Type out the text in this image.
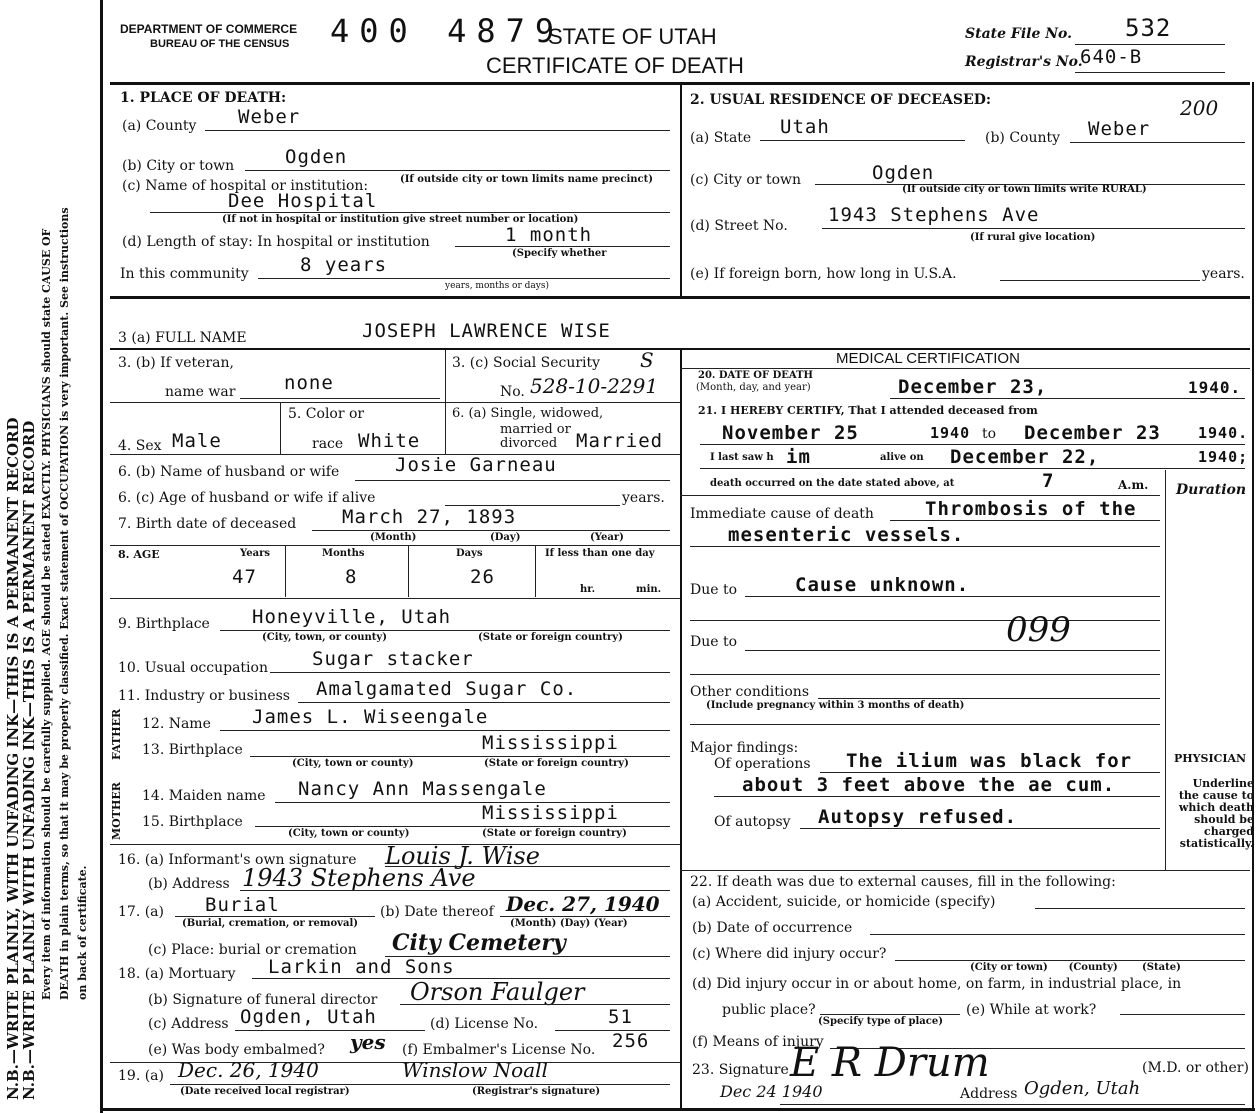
N.B.—WRITE PLAINLY, WITH UNFADING INK—THIS IS A PERMANENT RECORD
N.B.—WRITE PLAINLY WITH UNFADING INK—THIS IS A PERMANENT RECORD Every item of information should be carefully supplied. AGE should be stated EXACTLY. PHYSICIANS should state CAUSE OF DEATH in plain terms, so that it may be properly classified. Exact statement of OCCUPATION is very important. See instructions on back of certificate.
DEPARTMENT OF COMMERCE
BUREAU OF THE CENSUS 400 4879
STATE OF UTAH
CERTIFICATE OF DEATH
State File No. 532
Registrar's No.
640-B
1. PLACE OF DEATH:
(a) County Weber
(b) City or town	Ogden
(c) Name of hospital or institution:	(If outside city or town limits name precinct)
Dee Hospital
(If not in hospital or institution give street number or location)
(d) Length of stay: In hospital or institution	1 month
(Specify whether
In this community	8 years
years, months or days)
2. USUAL RESIDENCE OF DECEASED:	200
(a) State Utah	(b) County Weber
(c) City or town	Ogden
(If outside city or town limits write RURAL)
(d) Street No. 1943 Stephens Ave
(If rural give location)
(e) If foreign born, how long in U.S.A.	years.
3 (a) FULL NAME	JOSEPH LAWRENCE WISE
3. (b) If veteran,
name war	none
3. (c) Social Security S
No. 528-10-2291
4. Sex Male
5. Color or
race White
6. (a) Single, widowed,
married or
divorced Married
6. (b) Name of husband or wife	Josie Garneau
6. (c) Age of husband or wife if alive	years.
7. Birth date of deceased March 27, 1893
(Month)	(Day)	(Year)
8. AGE	Years	Months	Days	If less than one day
47	8	26
hr.	min.
9. Birthplace Honeyville, Utah
(City, town, or county)	(State or foreign country)
10. Usual occupation Sugar stacker
11. Industry or business Amalgamated Sugar Co.
FATHER
MOTHER
12. Name James L. Wiseengale
13. Birthplace	Mississippi
(City, town or county)	(State or foreign country)
14. Maiden name Nancy Ann Massengale
15. Birthplace	Mississippi
(City, town or county)	(State or foreign country)
16. (a) Informant's own signature Louis J. Wise
(b) Address 1943 Stephens Ave
17. (a) Burial
(Burial, cremation, or removal)
(b) Date thereof Dec. 27, 1940
(Month) (Day) (Year)
(c) Place: burial or cremation City Cemetery
18. (a) Mortuary Larkin and Sons
(b) Signature of funeral director Orson Faulger
(c) Address Ogden, Utah	(d) License No.	51
(e) Was body embalmed? yes (f) Embalmer's License No. 256
19. (a) Dec. 26, 1940	Winslow Noall
(Date received local registrar)	(Registrar's signature)
MEDICAL CERTIFICATION
20. DATE OF DEATH
(Month, day, and year)	December 23,	1940.
21. I HEREBY CERTIFY, That I attended deceased from
November 25	1940 to December 23 1940.
I last saw h im	alive on December 22,	1940;
death occurred on the date stated above, at	7	A.m. Duration
Immediate cause of death	Thrombosis of the
mesenteric vessels.
Due to	Cause unknown.
Due to	099
Other conditions
(Include pregnancy within 3 months of death)
Major findings:
Of operations The ilium was black for
about 3 feet above the ae cum.
Of autopsy Autopsy refused.
PHYSICIAN
Underline the cause to which death should be charged statistically.
22. If death was due to external causes, fill in the following:
(a) Accident, suicide, or homicide (specify)
(b) Date of occurrence
(c) Where did injury occur?
(City or town)      (County)       (State)
(d) Did injury occur in or about home, on farm, in industrial place, in
public place?
(Specify type of place)
(e) While at work?
(f) Means of injury
23. Signature E R Drum	(M.D. or other)
Dec 24 1940	Address Ogden, Utah
